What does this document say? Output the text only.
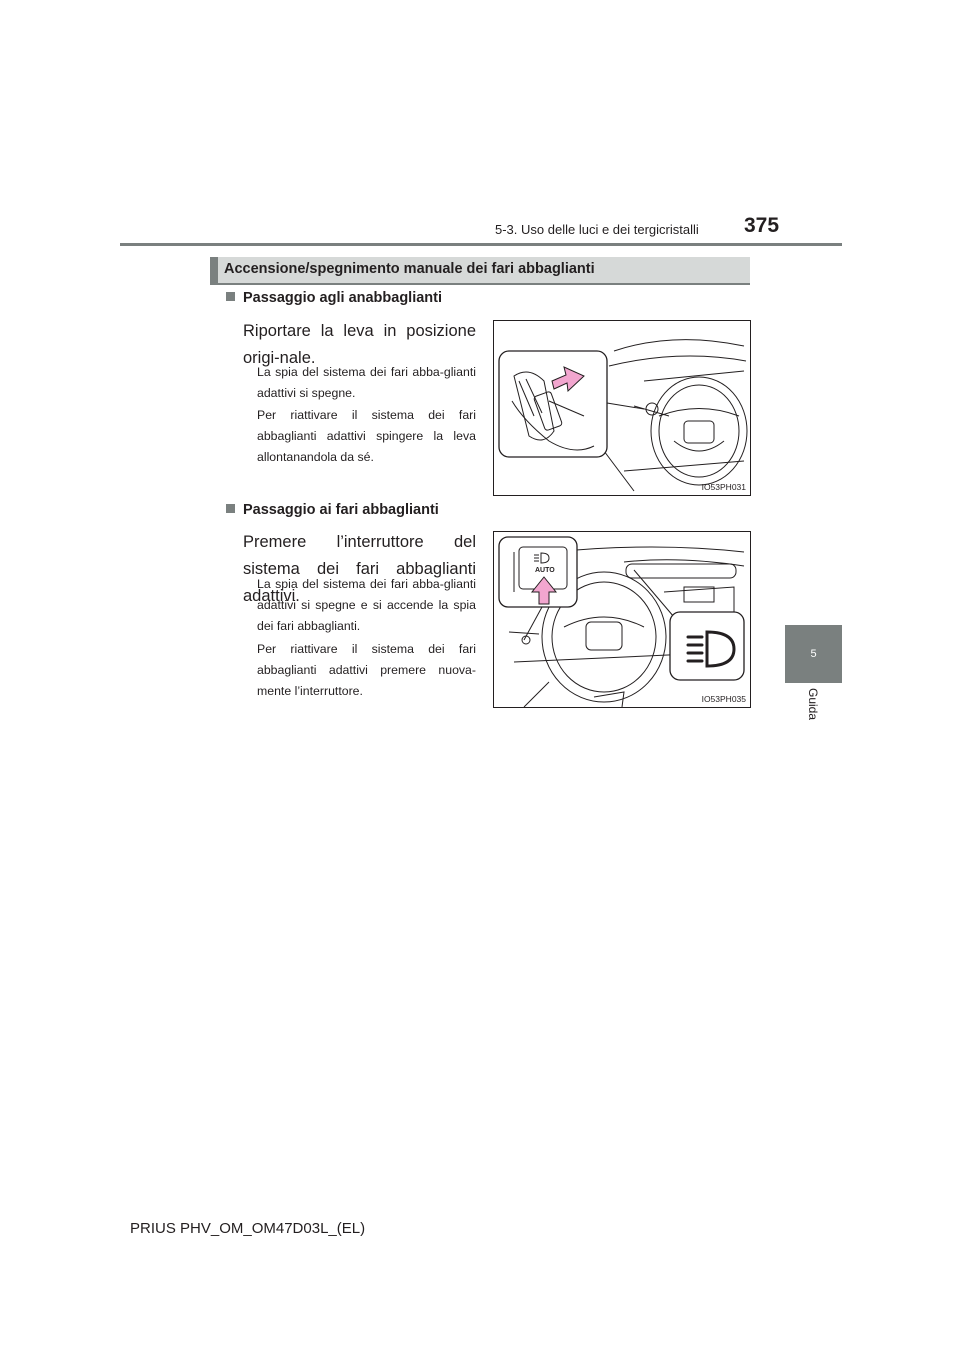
5-3. Uso delle luci e dei tergicristalli 375
5
Guida
Accensione/spegnimento manuale dei fari abbaglianti
Passaggio agli anabbaglianti
Riportare la leva in posizione origi-nale.
La spia del sistema dei fari abba-glianti adattivi si spegne.
Per riattivare il sistema dei fari abbaglianti adattivi spingere la leva allontanandola da sé.
IO53PH031
Passaggio ai fari abbaglianti
Premere l’interruttore del sistema dei fari abbaglianti adattivi.
La spia del sistema dei fari abba-glianti adattivi si spegne e si accende la spia dei fari abbaglianti.
Per riattivare il sistema dei fari abbaglianti adattivi premere nuova-mente l’interruttore.
AUTO
IO53PH035
PRIUS PHV_OM_OM47D03L_(EL)
